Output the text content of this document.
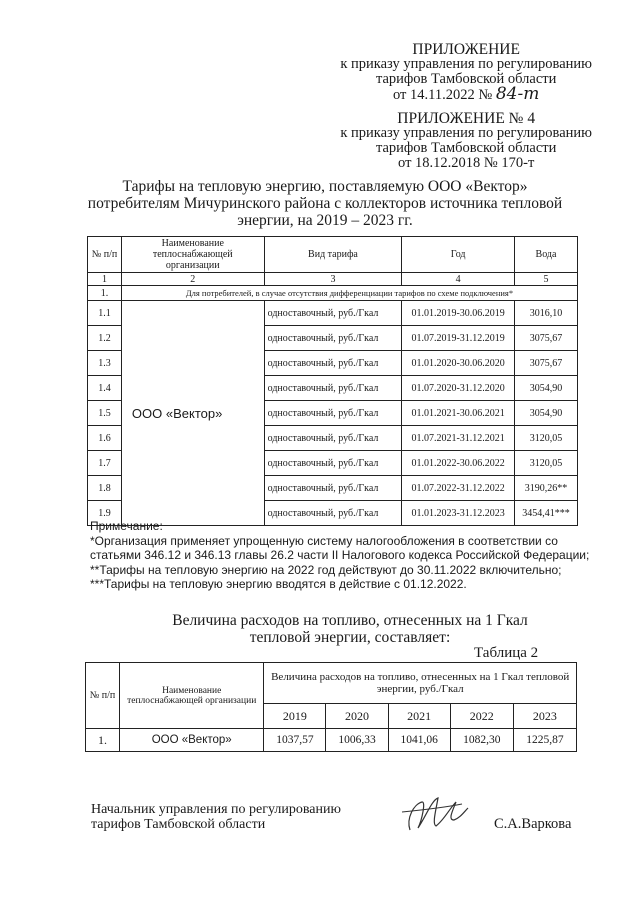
ПРИЛОЖЕНИЕ
к приказу управления по регулированию
тарифов Тамбовской области
от 14.11.2022 № 84-т
ПРИЛОЖЕНИЕ № 4
к приказу управления по регулированию
тарифов Тамбовской области
от 18.12.2018 № 170-т
Тарифы на тепловую энергию, поставляемую ООО «Вектор»
потребителям Мичуринского района с коллекторов источника тепловой
энергии, на 2019 – 2023 гг.
№ п/п	Наименование теплоснабжающей организации	Вид тарифа	Год	Вода
1	2	3	4	5
1.	Для потребителей, в случае отсутствия дифференциации тарифов по схеме подключения*			
1.1	ООО «Вектор»	одноставочный, руб./Гкал	01.01.2019-30.06.2019	3016,10
1.2		одноставочный, руб./Гкал	01.07.2019-31.12.2019	3075,67
1.3		одноставочный, руб./Гкал	01.01.2020-30.06.2020	3075,67
1.4		одноставочный, руб./Гкал	01.07.2020-31.12.2020	3054,90
1.5		одноставочный, руб./Гкал	01.01.2021-30.06.2021	3054,90
1.6		одноставочный, руб./Гкал	01.07.2021-31.12.2021	3120,05
1.7		одноставочный, руб./Гкал	01.01.2022-30.06.2022	3120,05
1.8		одноставочный, руб./Гкал	01.07.2022-31.12.2022	3190,26**
1.9		одноставочный, руб./Гкал	01.01.2023-31.12.2023	3454,41***
Примечание:
*Организация применяет упрощенную систему налогообложения в соответствии со статьями 346.12 и 346.13 главы 26.2 части II Налогового кодекса Российской Федерации;
**Тарифы на тепловую энергию на 2022 год действуют до 30.11.2022 включительно;
***Тарифы на тепловую энергию вводятся в действие с 01.12.2022.
Величина расходов на топливо, отнесенных на 1 Гкал
тепловой энергии, составляет:
Таблица 2
№ п/п	Наименование теплоснабжающей организации	Величина расходов на топливо, отнесенных на 1 Гкал тепловой энергии, руб./Гкал				
		2019	2020	2021	2022	2023
1.	ООО «Вектор»	1037,57	1006,33	1041,06	1082,30	1225,87
Начальник управления по регулированию
тарифов Тамбовской области	С.А.Варкова
